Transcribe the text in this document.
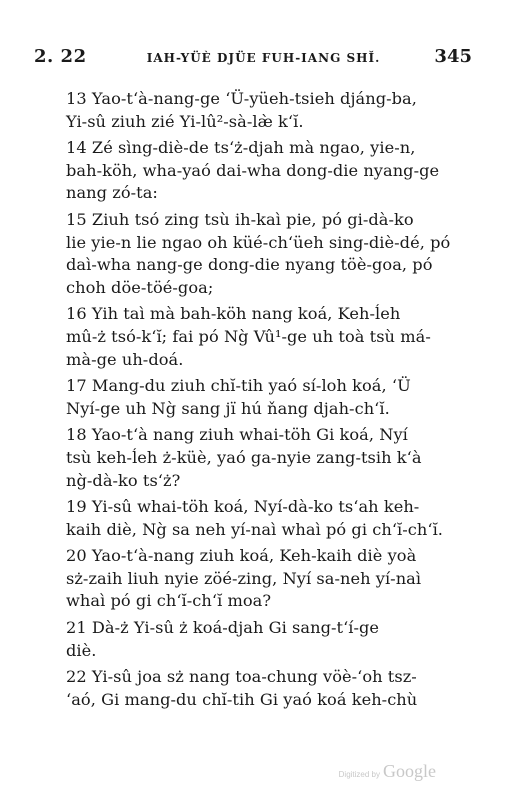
2. 22	IAH-YÜÈ DJÜE FUH-IANG SHĬ.	345

13 Yao-t‘à-nang-ge ‘Ü-yüeh-tsieh djáng-ba,
Yi-sû ziuh zié Yi-lû²-sà-læ̀ k‘ĭ.

14 Zé sìng-diè-de ts‘ż-djah mà ngao, yie-n,
bah-köh, wha-yaó dai-wha dong-die nyang-ge
nang zó-ta:

15 Ziuh tsó zing tsù ih-kaì pie, pó gi-dà-ko
lie yie-n lie ngao oh küé-ch‘üeh sing-diè-dé, pó
daì-wha nang-ge dong-die nyang töè-goa, pó
choh döe-töé-goa;

16 Yih taì mà bah-köh nang koá, Keh-ĺeh
mû-ż tsó-k‘ĭ; fai pó Ng̀ Vû¹-ge uh toà tsù má-
mà-ge uh-doá.

17 Mang-du ziuh chĭ-tih yaó sí-loh koá, ‘Ü
Nyí-ge uh Ng̀ sang jï hú ňang djah-ch‘ĭ.

18 Yao-t‘à nang ziuh whai-töh Gi koá, Nyí
tsù keh-ĺeh ż-küè, yaó ga-nyie zang-tsih k‘à
ng̀-dà-ko ts‘ż?

19 Yi-sû whai-töh koá, Nyí-dà-ko ts‘ah keh-
kaih diè, Ng̀ sa neh yí-naì whaì pó gi ch‘ĭ-ch‘ĭ.

20 Yao-t‘à-nang ziuh koá, Keh-kaih diè yoà
sż-zaih liuh nyie zöé-zing, Nyí sa-neh yí-naì
whaì pó gi ch‘ĭ-ch‘ĭ moa?

21 Dà-ż Yi-sû ż koá-djah Gi sang-t‘í-ge
diè.

22 Yi-sû joa sż nang toa-chung vöè-‘oh tsz-
‘aó, Gi mang-du chĭ-tih Gi yaó koá keh-chù

Digitized by Google
